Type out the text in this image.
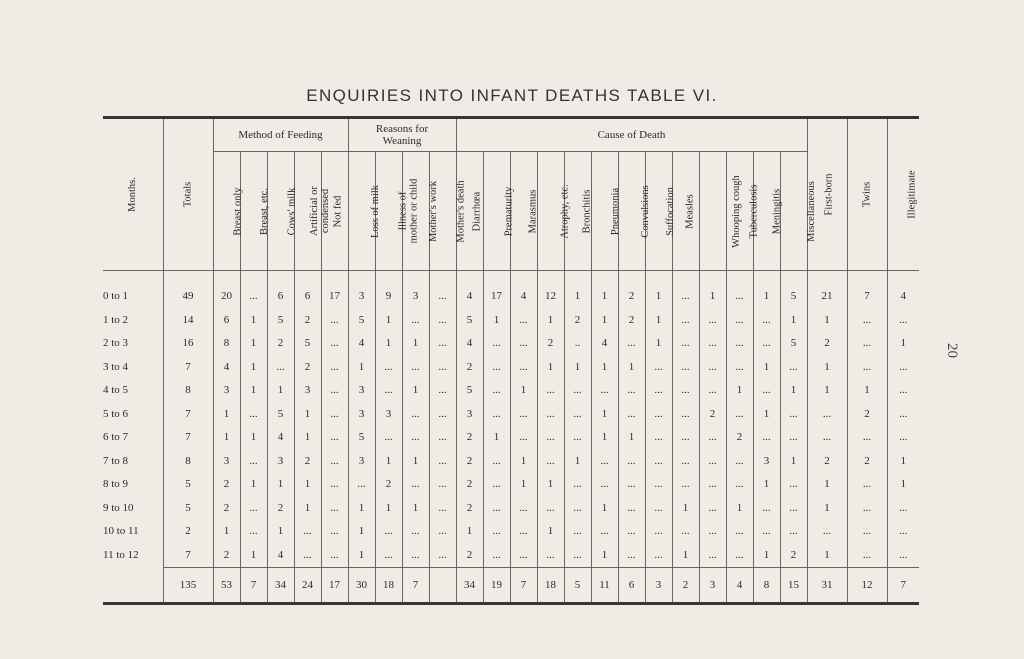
ENQUIRIES INTO INFANT DEATHS TABLE VI.

Months.	Totals	Method of Feeding					Reasons for
Weaning				Cause of Death													First-born	Twins	Illegitimate
		Breast only	Breast, etc.	Cows' milk	Artificial or
condensed	Not fed	Loss of milk	Illness of
mother or child	Mother's work	Mother's death	Diarrhœa	Prematurity	Marasmus	Atrophy, etc.	Bronchitis	Pneumonia	Convulsions	Suffocation	Measles	Whooping cough	Tuberculosis	Meningitis	Miscellaneous			

0 to 1	49	20	...	6	6	17	3	9	3	...	4	17	4	12	1	1	2	1	...	1	...	1	5	21	7	4
1 to 2	14	6	1	5	2	...	5	1	...	...	5	1	...	1	2	1	2	1	...	...	...	...	1	1	...	...
2 to 3	16	8	1	2	5	...	4	1	1	...	4	...	...	2	..	4	...	1	...	...	...	...	5	2	...	1
3 to 4	7	4	1	...	2	...	1	...	...	...	2	...	...	1	1	1	1	...	...	...	...	1	...	1	...	...
4 to 5	8	3	1	1	3	...	3	...	1	...	5	...	1	...	...	...	...	...	...	...	1	...	1	1	1	...
5 to 6	7	1	...	5	1	...	3	3	...	...	3	...	...	...	...	1	...	...	...	2	...	1	...	...	2	...
6 to 7	7	1	1	4	1	...	5	...	...	...	2	1	...	...	...	1	1	...	...	...	2	...	...	...	...	...
7 to 8	8	3	...	3	2	...	3	1	1	...	2	...	1	...	1	...	...	...	...	...	...	3	1	2	2	1
8 to 9	5	2	1	1	1	...	...	2	...	...	2	...	1	1	...	...	...	...	...	...	...	1	...	1	...	1
9 to 10	5	2	...	2	1	...	1	1	1	...	2	...	...	...	...	1	...	...	1	...	1	...	...	1	...	...
10 to 11	2	1	...	1	...	...	1	...	...	...	1	...	...	1	...	...	...	...	...	...	...	...	...	...	...	...
11 to 12	7	2	1	4	...	...	1	...	...	...	2	...	...	...	...	1	...	...	1	...	...	1	2	1	...	...
	135	53	7	34	24	17	30	18	7		34	19	7	18	5	11	6	3	2	3	4	8	15	31	12	7

20
